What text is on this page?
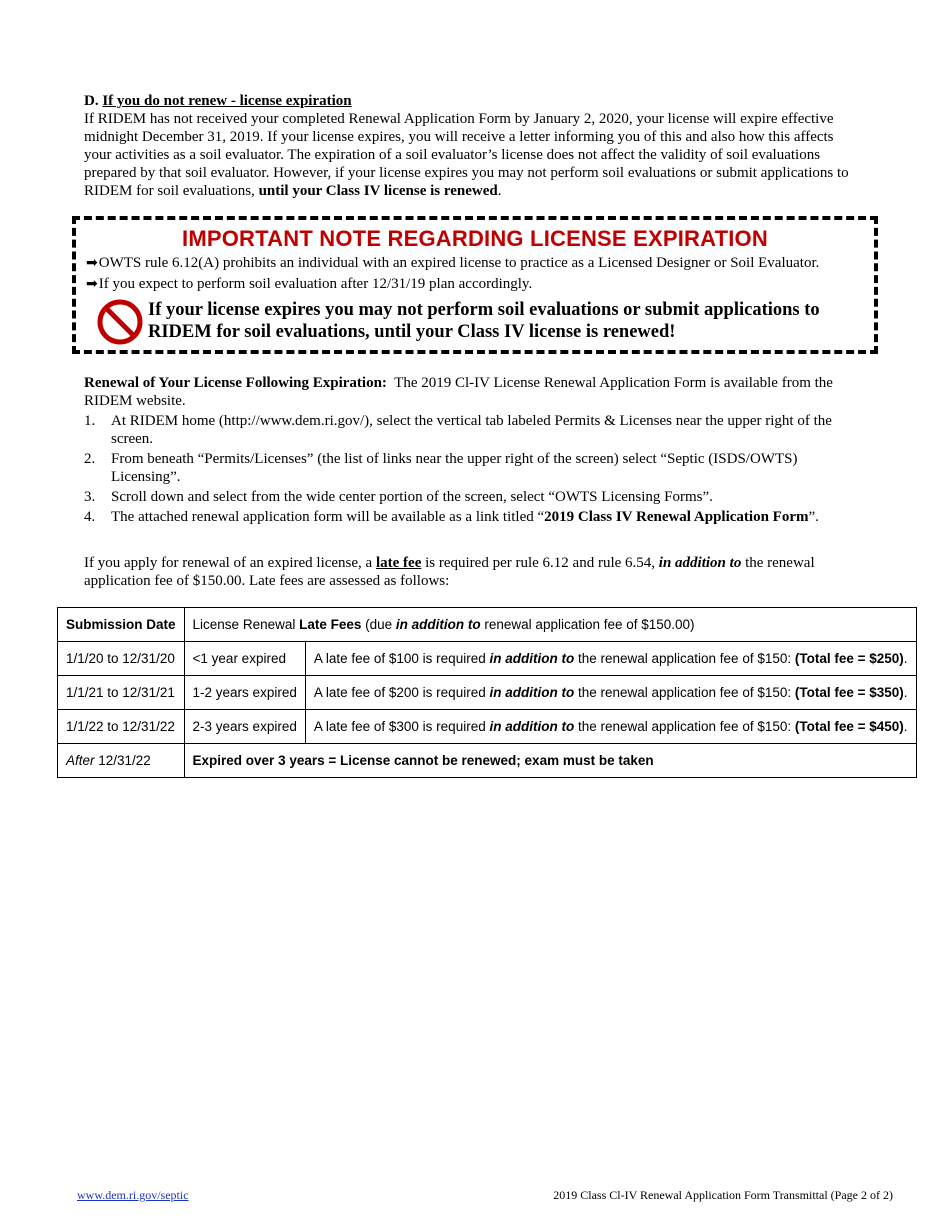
D. If you do not renew - license expiration

If RIDEM has not received your completed Renewal Application Form by January 2, 2020, your license will expire effective midnight December 31, 2019. If your license expires, you will receive a letter informing you of this and also how this affects your activities as a soil evaluator. The expiration of a soil evaluator’s license does not affect the validity of soil evaluations prepared by that soil evaluator. However, if your license expires you may not perform soil evaluations or submit applications to RIDEM for soil evaluations, until your Class IV license is renewed.

IMPORTANT NOTE REGARDING LICENSE EXPIRATION
➡OWTS rule 6.12(A) prohibits an individual with an expired license to practice as a Licensed Designer or Soil Evaluator.
➡If you expect to perform soil evaluation after 12/31/19 plan accordingly.
If your license expires you may not perform soil evaluations or submit applications to RIDEM for soil evaluations, until your Class IV license is renewed!

Renewal of Your License Following Expiration: The 2019 Cl-IV License Renewal Application Form is available from the RIDEM website.

1. At RIDEM home (http://www.dem.ri.gov/), select the vertical tab labeled Permits & Licenses near the upper right of the screen.
2. From beneath “Permits/Licenses” (the list of links near the upper right of the screen) select “Septic (ISDS/OWTS) Licensing”.
3. Scroll down and select from the wide center portion of the screen, select “OWTS Licensing Forms”.
4. The attached renewal application form will be available as a link titled “2019 Class IV Renewal Application Form”.

If you apply for renewal of an expired license, a late fee is required per rule 6.12 and rule 6.54, in addition to the renewal application fee of $150.00. Late fees are assessed as follows:

Submission Date	License Renewal Late Fees (due in addition to renewal application fee of $150.00)	
1/1/20 to 12/31/20	<1 year expired	A late fee of $100 is required in addition to the renewal application fee of $150: (Total fee = $250).
1/1/21 to 12/31/21	1-2 years expired	A late fee of $200 is required in addition to the renewal application fee of $150: (Total fee = $350).
1/1/22 to 12/31/22	2-3 years expired	A late fee of $300 is required in addition to the renewal application fee of $150: (Total fee = $450).
After 12/31/22	Expired over 3 years = License cannot be renewed; exam must be taken	
www.dem.ri.gov/septic	2019 Class Cl-IV Renewal Application Form Transmittal (Page 2 of 2)
